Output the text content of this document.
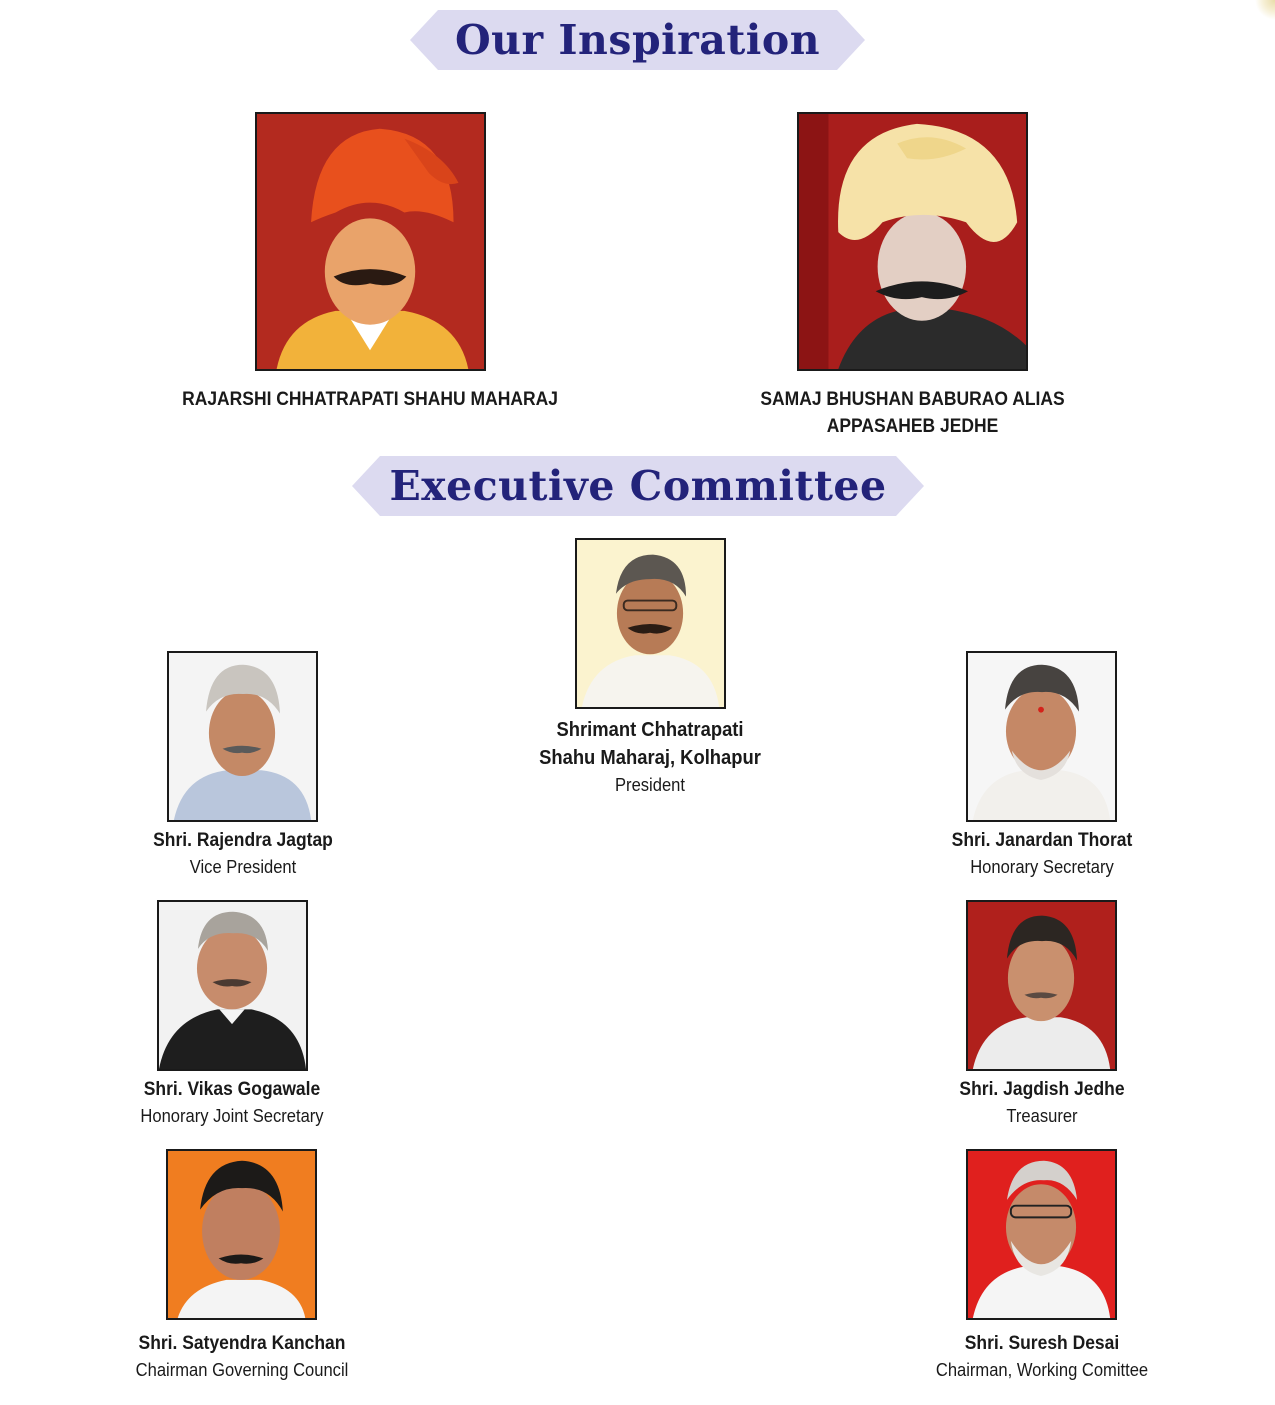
Our Inspiration
RAJARSHI CHHATRAPATI SHAHU MAHARAJ	SAMAJ BHUSHAN BABURAO ALIAS
APPASAHEB JEDHE
Executive Committee
Shrimant Chhatrapati
Shahu Maharaj, Kolhapur
President
Shri. Rajendra Jagtap
Vice President
Shri. Janardan Thorat
Honorary Secretary
Shri. Vikas Gogawale
Honorary Joint Secretary
Shri. Jagdish Jedhe
Treasurer
Shri. Satyendra Kanchan
Chairman Governing Council
Shri. Suresh Desai
Chairman, Working Comittee
